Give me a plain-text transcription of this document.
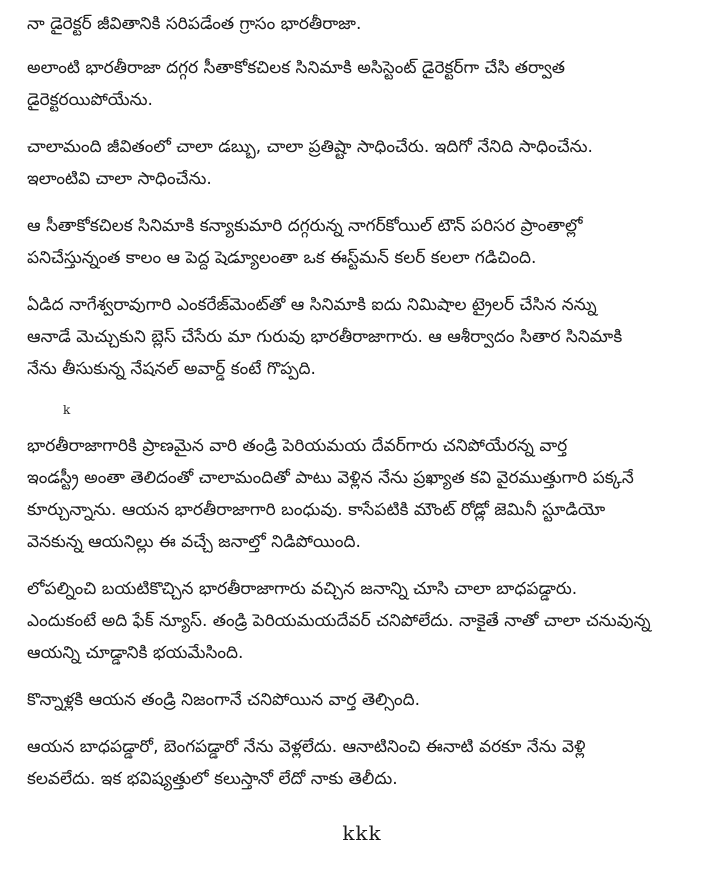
నా డైరెక్టర్ జీవితానికి సరిపడేంత గ్రాసం భారతీరాజా.

అలాంటి భారతీరాజా దగ్గర సీతాకోకచిలక సినిమాకి అసిస్టెంట్ డైరెక్టర్‌గా చేసి తర్వాత
డైరెక్టరయిపోయేను.

చాలామంది జీవితంలో చాలా డబ్బు, చాలా ప్రతిష్టా సాధించేరు. ఇదిగో నేనిది సాధించేను.
ఇలాంటివి చాలా సాధించేను.

ఆ సీతాకోకచిలక సినిమాకి కన్యాకుమారి దగ్గరున్న నాగర్‌కోయిల్ టౌన్ పరిసర ప్రాంతాల్లో
పనిచేస్తున్నంత కాలం ఆ పెద్ద షెడ్యూలంతా ఒక ఈస్ట్‌మన్ కలర్ కలలా గడిచింది.

ఏడిద నాగేశ్వరావుగారి ఎంకరేజ్‌మెంట్‌తో ఆ సినిమాకి ఐదు నిమిషాల ట్రైలర్ చేసిన నన్ను
ఆనాడే మెచ్చుకుని బ్లెస్ చేసేరు మా గురువు భారతీరాజాగారు. ఆ ఆశీర్వాదం సితార సినిమాకి
నేను తీసుకున్న నేషనల్ అవార్డ్ కంటే గొప్పది.

k

భారతీరాజాగారికి ప్రాణమైన వారి తండ్రి పెరియమయ దేవర్‌గారు చనిపోయేరన్న వార్త
ఇండస్ట్రీ అంతా తెలిదంతో చాలామందితో పాటు వెళ్లిన నేను ప్రఖ్యాత కవి వైరముత్తుగారి పక్కనే
కూర్చున్నాను. ఆయన భారతీరాజాగారి బంధువు. కాసేపటికి మౌంట్ రోడ్లో జెమినీ స్టూడియో
వెనకున్న ఆయనిల్లు ఈ వచ్చే జనాల్తో నిడిపోయింది.

లోపల్నించి బయటికొచ్చిన భారతీరాజాగారు వచ్చిన జనాన్ని చూసి చాలా బాధపడ్డారు.
ఎందుకంటే అది ఫేక్ న్యూస్. తండ్రి పెరియమయదేవర్ చనిపోలేదు. నాకైతే నాతో చాలా చనువున్న
ఆయన్ని చూడ్డానికి భయమేసింది.

కొన్నాళ్లకి ఆయన తండ్రి నిజంగానే చనిపోయిన వార్త తెల్సింది.

ఆయన బాధపడ్డారో, బెంగపడ్డారో నేను వెళ్లలేదు. ఆనాటినించి ఈనాటి వరకూ నేను వెళ్లి
కలవలేదు. ఇక భవిష్యత్తులో కలుస్తానో లేదో నాకు తెలీదు.

kkk
